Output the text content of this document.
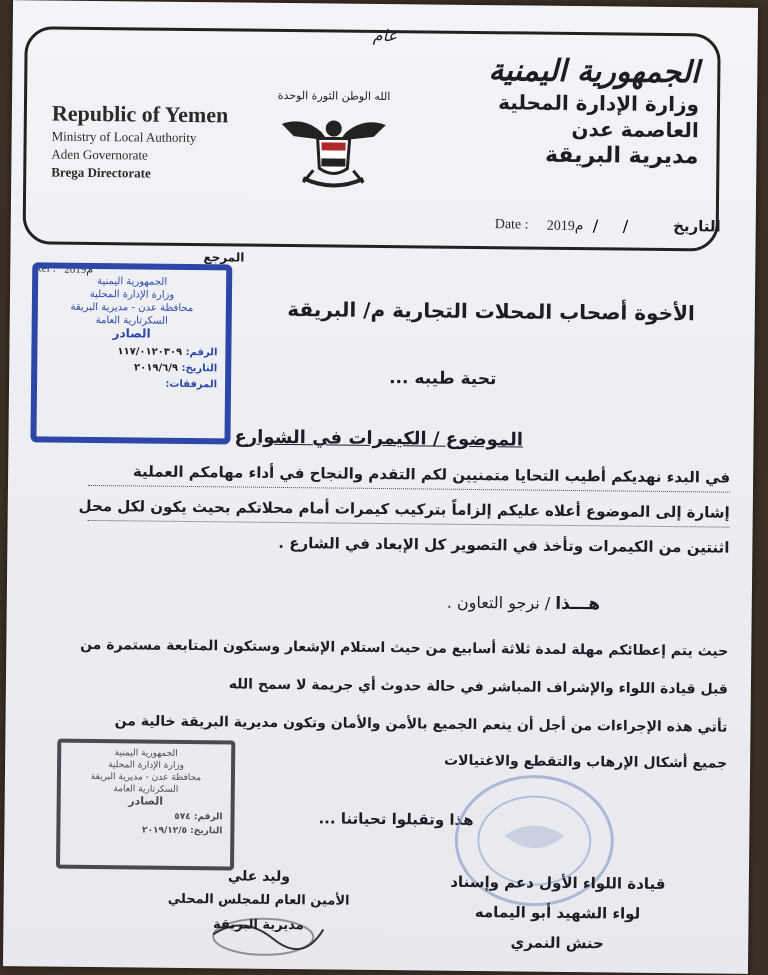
عام
Republic of Yemen
Ministry of Local Authority
Aden Governorate
Brega Directorate
الله الوطن الثورة الوحدة
الجمهورية اليمنية
وزارة الإدارة المحلية
العاصمة عدن
مديرية البريقة
Date : 2019م / /	التاريخ
Ref : 2019م
المرجع
الجمهورية اليمنية
وزارة الإدارة المحلية
محافظة عدن - مديرية البريقة
السكرتارية العامة
الصادر
الرقم: ١١٧/٠١٢٠٣٠٩
التاريخ: ٢٠١٩/٦/٩
المرفقات:
الأخوة أصحاب المحلات التجارية م/ البريقة
تحية طيبه ...
الموضوع / الكيمرات في الشوارع
في البدء نهديكم أطيب التحايا متمنيين لكم التقدم والنجاح في أداء مهامكم العملية
إشارة إلى الموضوع أعلاه عليكم إلزاماً بتركيب كيمرات أمام محلاتكم بحيث يكون لكل محل
اثنتين من الكيمرات وتأخذ في التصوير كل الإبعاد في الشارع .
هـــذا / نرجو التعاون .
حيث يتم إعطائكم مهلة لمدة ثلاثة أسابيع من حيث استلام الإشعار وستكون المتابعة مستمرة من
قبل قيادة اللواء والإشراف المباشر في حالة حدوث أي جريمة لا سمح الله
تأتي هذه الإجراءات من أجل أن ينعم الجميع بالأمن والأمان وتكون مديرية البريقة خالية من
جميع أشكال الإرهاب والتقطع والاغتيالات
هذا وتقبلوا تحياتنا ...
الجمهورية اليمنية
وزارة الإدارة المحلية
محافظة عدن - مديرية البريقة
السكرتارية العامة
الصادر
الرقم: ٥٧٤
التاريخ: ٢٠١٩/١٢/٥
وليد علي
الأمين العام للمجلس المحلي
مديرية البريقة
قيادة اللواء الأول دعم وإسناد
لواء الشهيد أبو اليمامه
حنش النمري
